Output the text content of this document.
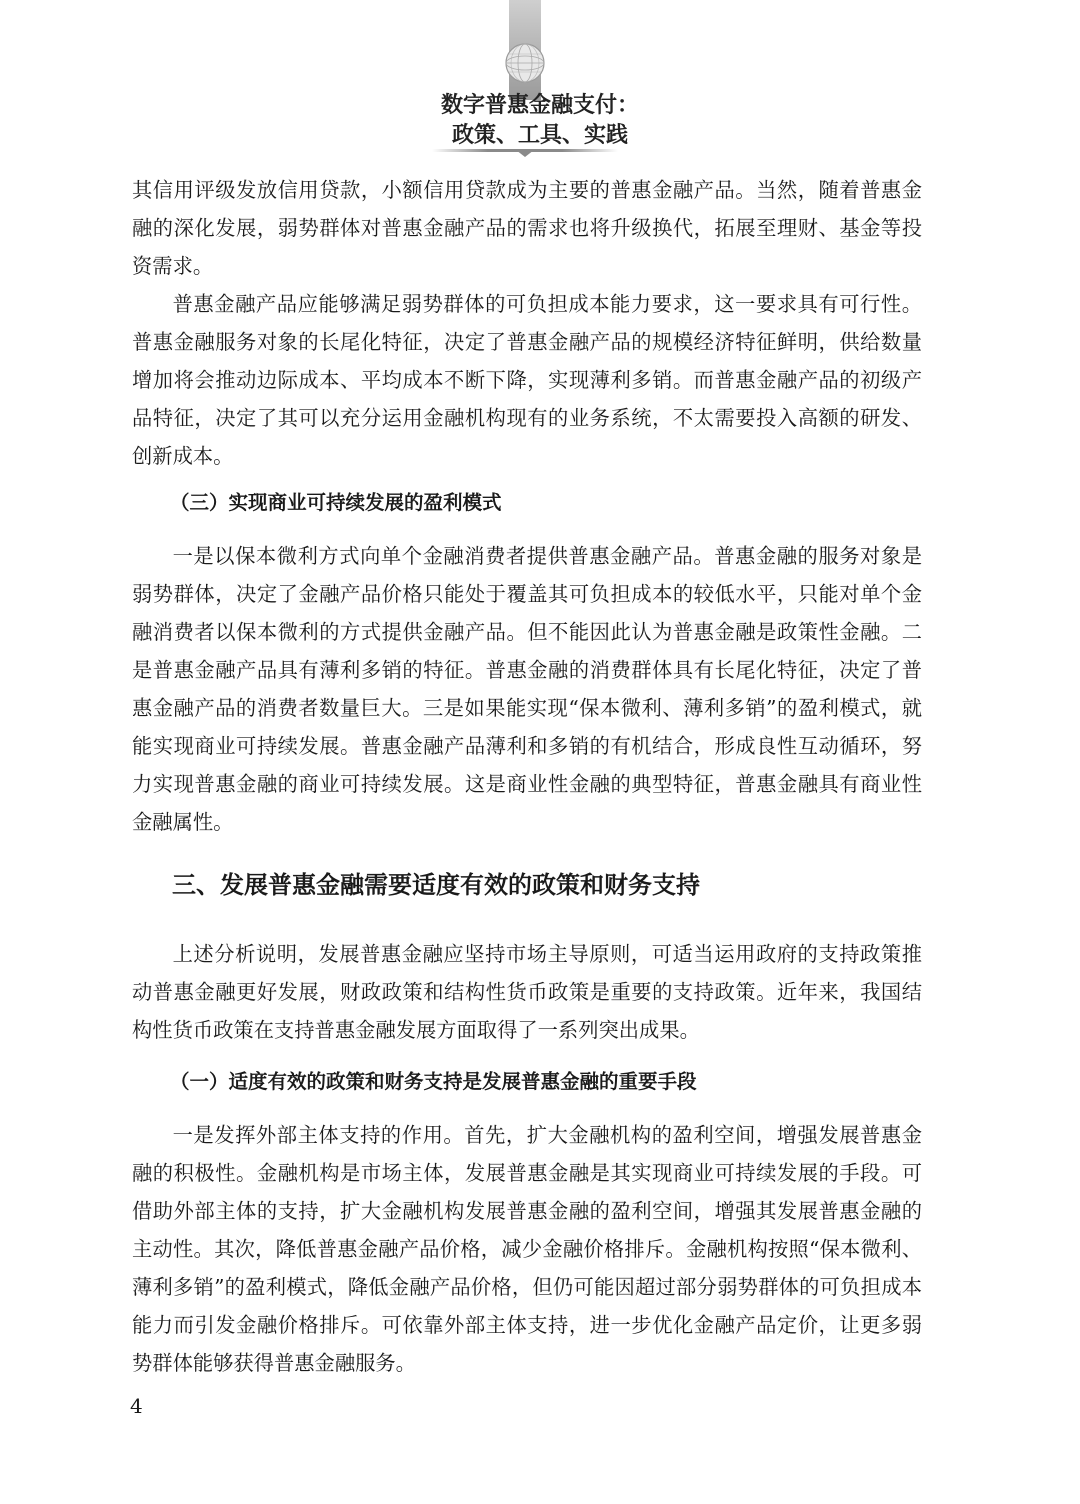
数字普惠金融支付：
政策、工具、实践

其信用评级发放信用贷款，小额信用贷款成为主要的普惠金融产品。当然，随着普惠金融的深化发展，弱势群体对普惠金融产品的需求也将升级换代，拓展至理财、基金等投资需求。

普惠金融产品应能够满足弱势群体的可负担成本能力要求，这一要求具有可行性。普惠金融服务对象的长尾化特征，决定了普惠金融产品的规模经济特征鲜明，供给数量增加将会推动边际成本、平均成本不断下降，实现薄利多销。而普惠金融产品的初级产品特征，决定了其可以充分运用金融机构现有的业务系统，不太需要投入高额的研发、创新成本。

（三）实现商业可持续发展的盈利模式

一是以保本微利方式向单个金融消费者提供普惠金融产品。普惠金融的服务对象是弱势群体，决定了金融产品价格只能处于覆盖其可负担成本的较低水平，只能对单个金融消费者以保本微利的方式提供金融产品。但不能因此认为普惠金融是政策性金融。二是普惠金融产品具有薄利多销的特征。普惠金融的消费群体具有长尾化特征，决定了普惠金融产品的消费者数量巨大。三是如果能实现“保本微利、薄利多销”的盈利模式，就能实现商业可持续发展。普惠金融产品薄利和多销的有机结合，形成良性互动循环，努力实现普惠金融的商业可持续发展。这是商业性金融的典型特征，普惠金融具有商业性金融属性。

三、发展普惠金融需要适度有效的政策和财务支持

上述分析说明，发展普惠金融应坚持市场主导原则，可适当运用政府的支持政策推动普惠金融更好发展，财政政策和结构性货币政策是重要的支持政策。近年来，我国结构性货币政策在支持普惠金融发展方面取得了一系列突出成果。

（一）适度有效的政策和财务支持是发展普惠金融的重要手段

一是发挥外部主体支持的作用。首先，扩大金融机构的盈利空间，增强发展普惠金融的积极性。金融机构是市场主体，发展普惠金融是其实现商业可持续发展的手段。可借助外部主体的支持，扩大金融机构发展普惠金融的盈利空间，增强其发展普惠金融的主动性。其次，降低普惠金融产品价格，减少金融价格排斥。金融机构按照“保本微利、薄利多销”的盈利模式，降低金融产品价格，但仍可能因超过部分弱势群体的可负担成本能力而引发金融价格排斥。可依靠外部主体支持，进一步优化金融产品定价，让更多弱势群体能够获得普惠金融服务。

4
